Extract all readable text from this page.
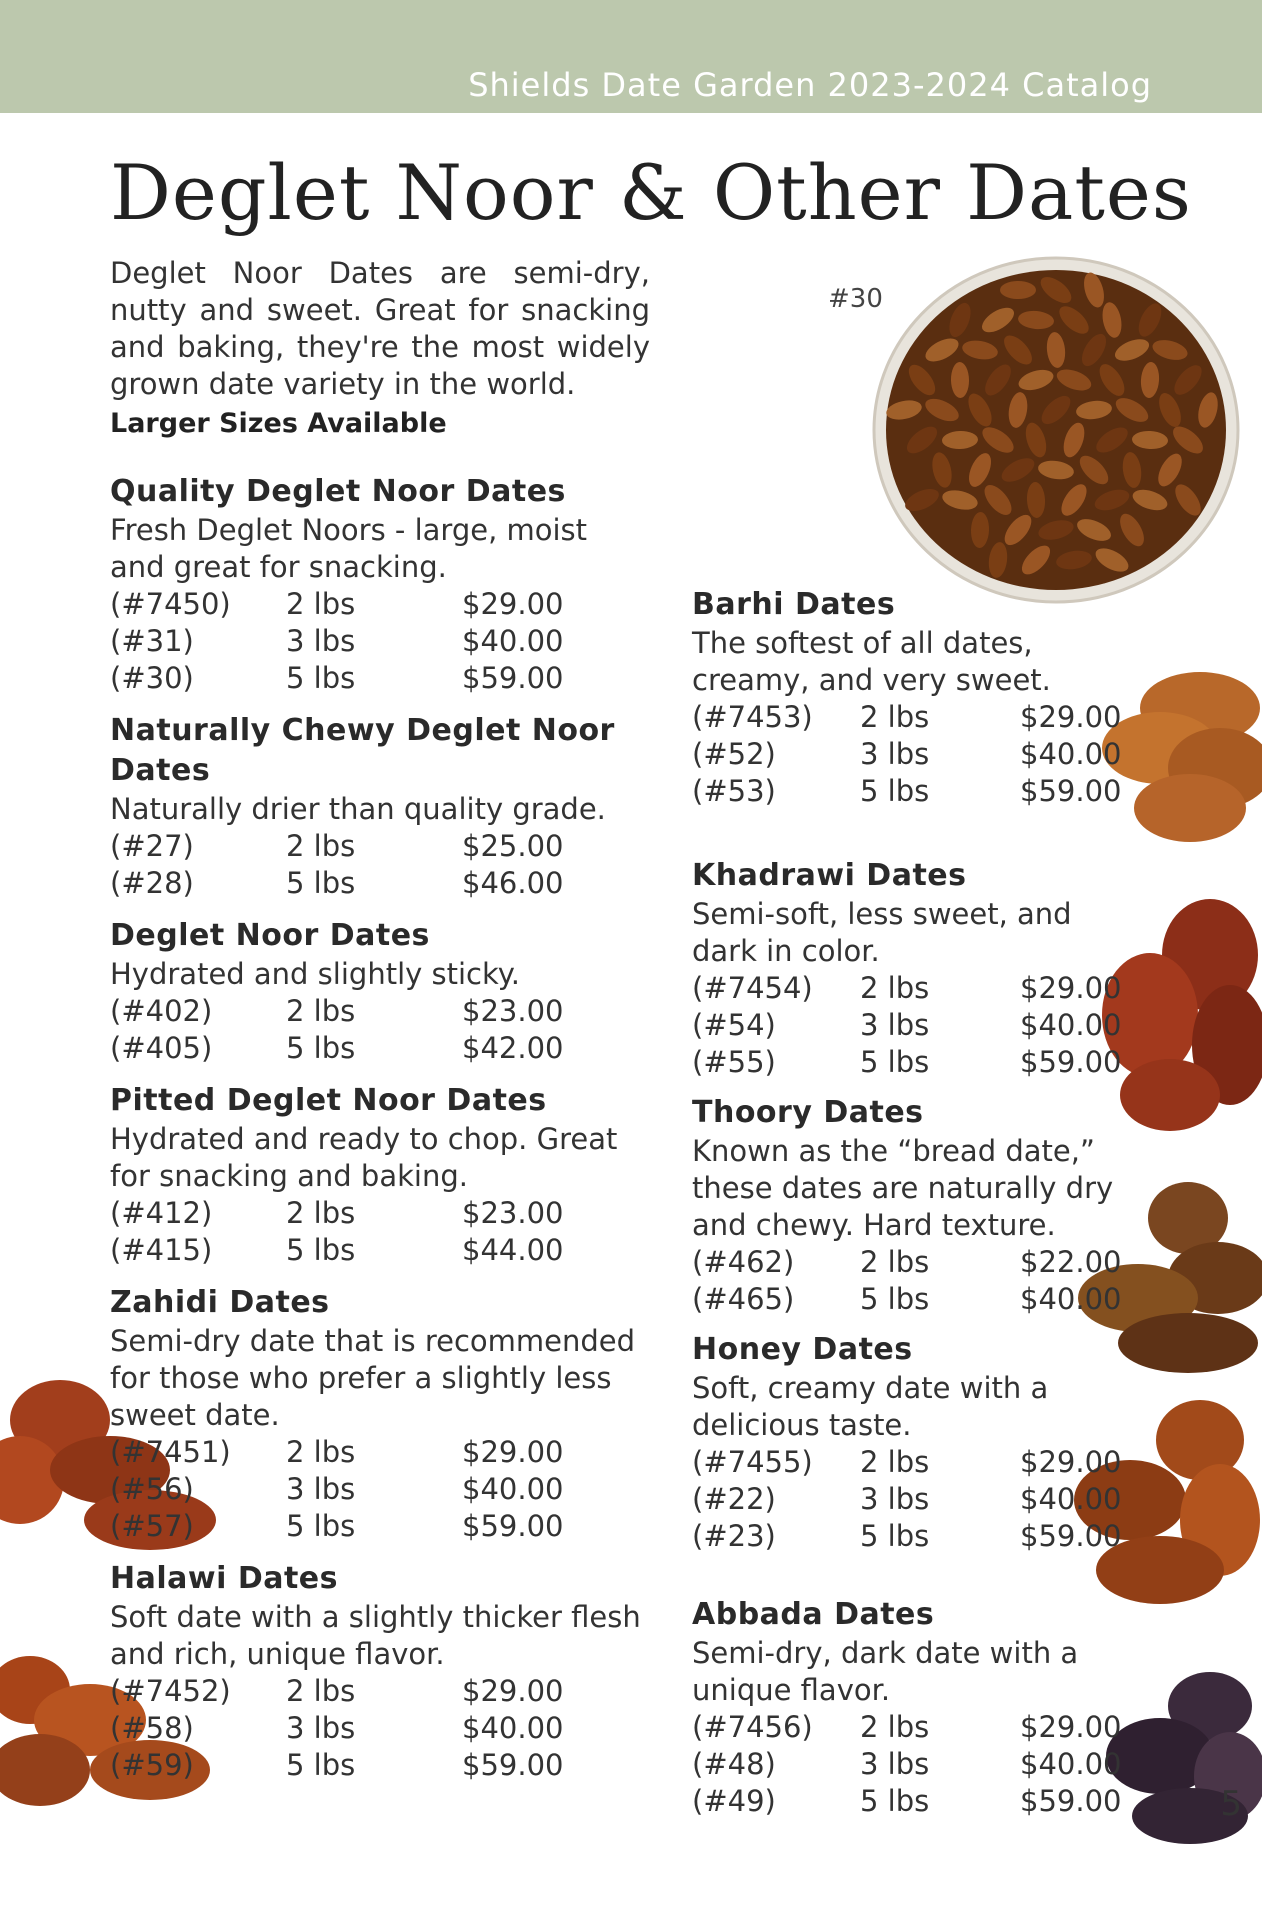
Shields Date Garden 2023-2024 Catalog
Deglet Noor & Other Dates
#30

Deglet Noor Dates are semi-dry, nutty and sweet. Great for snacking and baking, they're the most widely grown date variety in the world.

Larger Sizes Available
Quality Deglet Noor Dates

Fresh Deglet Noors - large, moist and great for snacking.

(#7450)	2 lbs	$29.00
(#31)	3 lbs	$40.00
(#30)	5 lbs	$59.00
Naturally Chewy Deglet Noor Dates

Naturally drier than quality grade.

(#27)	2 lbs	$25.00
(#28)	5 lbs	$46.00
Deglet Noor Dates

Hydrated and slightly sticky.

(#402)	2 lbs	$23.00
(#405)	5 lbs	$42.00
Pitted Deglet Noor Dates

Hydrated and ready to chop. Great for snacking and baking.

(#412)	2 lbs	$23.00
(#415)	5 lbs	$44.00
Zahidi Dates

Semi-dry date that is recommended for those who prefer a slightly less sweet date.

(#7451)	2 lbs	$29.00
(#56)	3 lbs	$40.00
(#57)	5 lbs	$59.00
Halawi Dates

Soft date with a slightly thicker flesh and rich, unique flavor.

(#7452)	2 lbs	$29.00
(#58)	3 lbs	$40.00
(#59)	5 lbs	$59.00
Barhi Dates

The softest of all dates, creamy, and very sweet.

(#7453)	2 lbs	$29.00
(#52)	3 lbs	$40.00
(#53)	5 lbs	$59.00
Khadrawi Dates

Semi-soft, less sweet, and dark in color.

(#7454)	2 lbs	$29.00
(#54)	3 lbs	$40.00
(#55)	5 lbs	$59.00
Thoory Dates

Known as the “bread date,” these dates are naturally dry and chewy. Hard texture.

(#462)	2 lbs	$22.00
(#465)	5 lbs	$40.00
Honey Dates

Soft, creamy date with a delicious taste.

(#7455)	2 lbs	$29.00
(#22)	3 lbs	$40.00
(#23)	5 lbs	$59.00
Abbada Dates

Semi-dry, dark date with a unique flavor.

(#7456)	2 lbs	$29.00
(#48)	3 lbs	$40.00
(#49)	5 lbs	$59.00	5
